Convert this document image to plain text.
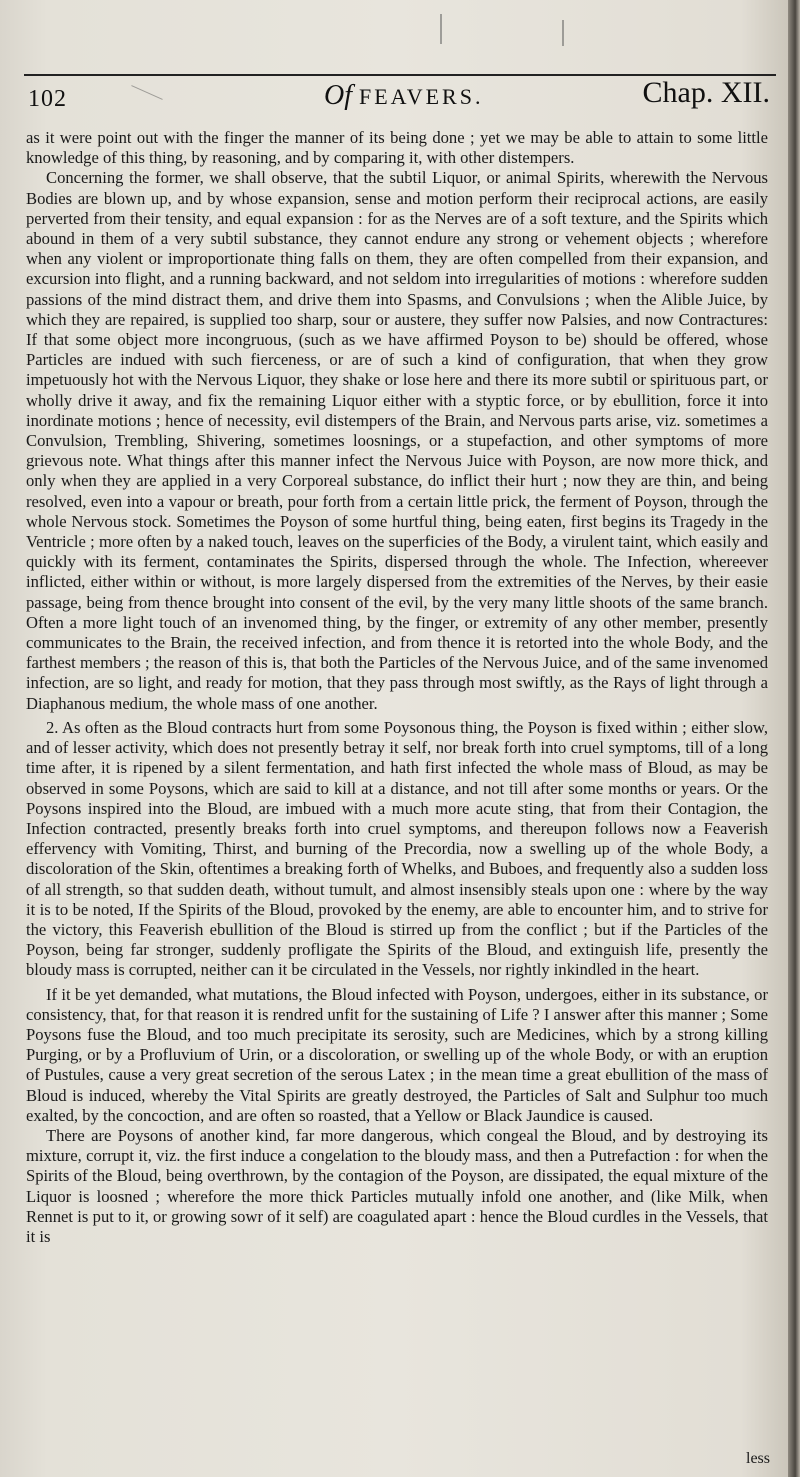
102	Of FEAVERS.	Chap. XII.

as it were point out with the finger the manner of its being done ; yet we may be able to attain to some little knowledge of this thing, by reasoning, and by comparing it, with other distempers.

Concerning the former, we shall observe, that the subtil Liquor, or animal Spirits, wherewith the Nervous Bodies are blown up, and by whose expansion, sense and motion perform their reciprocal actions, are easily perverted from their tensity, and equal expansion : for as the Nerves are of a soft texture, and the Spirits which abound in them of a very subtil substance, they cannot endure any strong or vehement objects ; wherefore when any violent or improportionate thing falls on them, they are often compelled from their expansion, and excursion into flight, and a running backward, and not seldom into irregularities of motions : wherefore sudden passions of the mind distract them, and drive them into Spasms, and Convulsions ; when the Alible Juice, by which they are repaired, is supplied too sharp, sour or austere, they suffer now Palsies, and now Contractures: If that some object more incongruous, (such as we have affirmed Poyson to be) should be offered, whose Particles are indued with such fierceness, or are of such a kind of configuration, that when they grow impetuously hot with the Nervous Liquor, they shake or lose here and there its more subtil or spirituous part, or wholly drive it away, and fix the remaining Liquor either with a styptic force, or by ebullition, force it into inordinate motions ; hence of necessity, evil distempers of the Brain, and Nervous parts arise, viz. sometimes a Convulsion, Trembling, Shivering, sometimes loosnings, or a stupefaction, and other symptoms of more grievous note. What things after this manner infect the Nervous Juice with Poyson, are now more thick, and only when they are applied in a very Corporeal substance, do inflict their hurt ; now they are thin, and being resolved, even into a vapour or breath, pour forth from a certain little prick, the ferment of Poyson, through the whole Nervous stock. Sometimes the Poyson of some hurtful thing, being eaten, first begins its Tragedy in the Ventricle ; more often by a naked touch, leaves on the superficies of the Body, a virulent taint, which easily and quickly with its ferment, contaminates the Spirits, dispersed through the whole. The Infection, whereever inflicted, either within or without, is more largely dispersed from the extremities of the Nerves, by their easie passage, being from thence brought into consent of the evil, by the very many little shoots of the same branch. Often a more light touch of an invenomed thing, by the finger, or extremity of any other member, presently communicates to the Brain, the received infection, and from thence it is retorted into the whole Body, and the farthest members ; the reason of this is, that both the Particles of the Nervous Juice, and of the same invenomed infection, are so light, and ready for motion, that they pass through most swiftly, as the Rays of light through a Diaphanous medium, the whole mass of one another.

2. As often as the Bloud contracts hurt from some Poysonous thing, the Poyson is fixed within ; either slow, and of lesser activity, which does not presently betray it self, nor break forth into cruel symptoms, till of a long time after, it is ripened by a silent fermentation, and hath first infected the whole mass of Bloud, as may be observed in some Poysons, which are said to kill at a distance, and not till after some months or years. Or the Poysons inspired into the Bloud, are imbued with a much more acute sting, that from their Contagion, the Infection contracted, presently breaks forth into cruel symptoms, and thereupon follows now a Feaverish effervency with Vomiting, Thirst, and burning of the Precordia, now a swelling up of the whole Body, a discoloration of the Skin, oftentimes a breaking forth of Whelks, and Buboes, and frequently also a sudden loss of all strength, so that sudden death, without tumult, and almost insensibly steals upon one : where by the way it is to be noted, If the Spirits of the Bloud, provoked by the enemy, are able to encounter him, and to strive for the victory, this Feaverish ebullition of the Bloud is stirred up from the conflict ; but if the Particles of the Poyson, being far stronger, suddenly profligate the Spirits of the Bloud, and extinguish life, presently the bloudy mass is corrupted, neither can it be circulated in the Vessels, nor rightly inkindled in the heart.

If it be yet demanded, what mutations, the Bloud infected with Poyson, undergoes, either in its substance, or consistency, that, for that reason it is rendred unfit for the sustaining of Life ? I answer after this manner ; Some Poysons fuse the Bloud, and too much precipitate its serosity, such are Medicines, which by a strong killing Purging, or by a Profluvium of Urin, or a discoloration, or swelling up of the whole Body, or with an eruption of Pustules, cause a very great secretion of the serous Latex ; in the mean time a great ebullition of the mass of Bloud is induced, whereby the Vital Spirits are greatly destroyed, the Particles of Salt and Sulphur too much exalted, by the concoction, and are often so roasted, that a Yellow or Black Jaundice is caused.

There are Poysons of another kind, far more dangerous, which congeal the Bloud, and by destroying its mixture, corrupt it, viz. the first induce a congelation to the bloudy mass, and then a Putrefaction : for when the Spirits of the Bloud, being overthrown, by the contagion of the Poyson, are dissipated, the equal mixture of the Liquor is loosned ; wherefore the more thick Particles mutually infold one another, and (like Milk, when Rennet is put to it, or growing sowr of it self) are coagulated apart : hence the Bloud curdles in the Vessels, that it is

less
